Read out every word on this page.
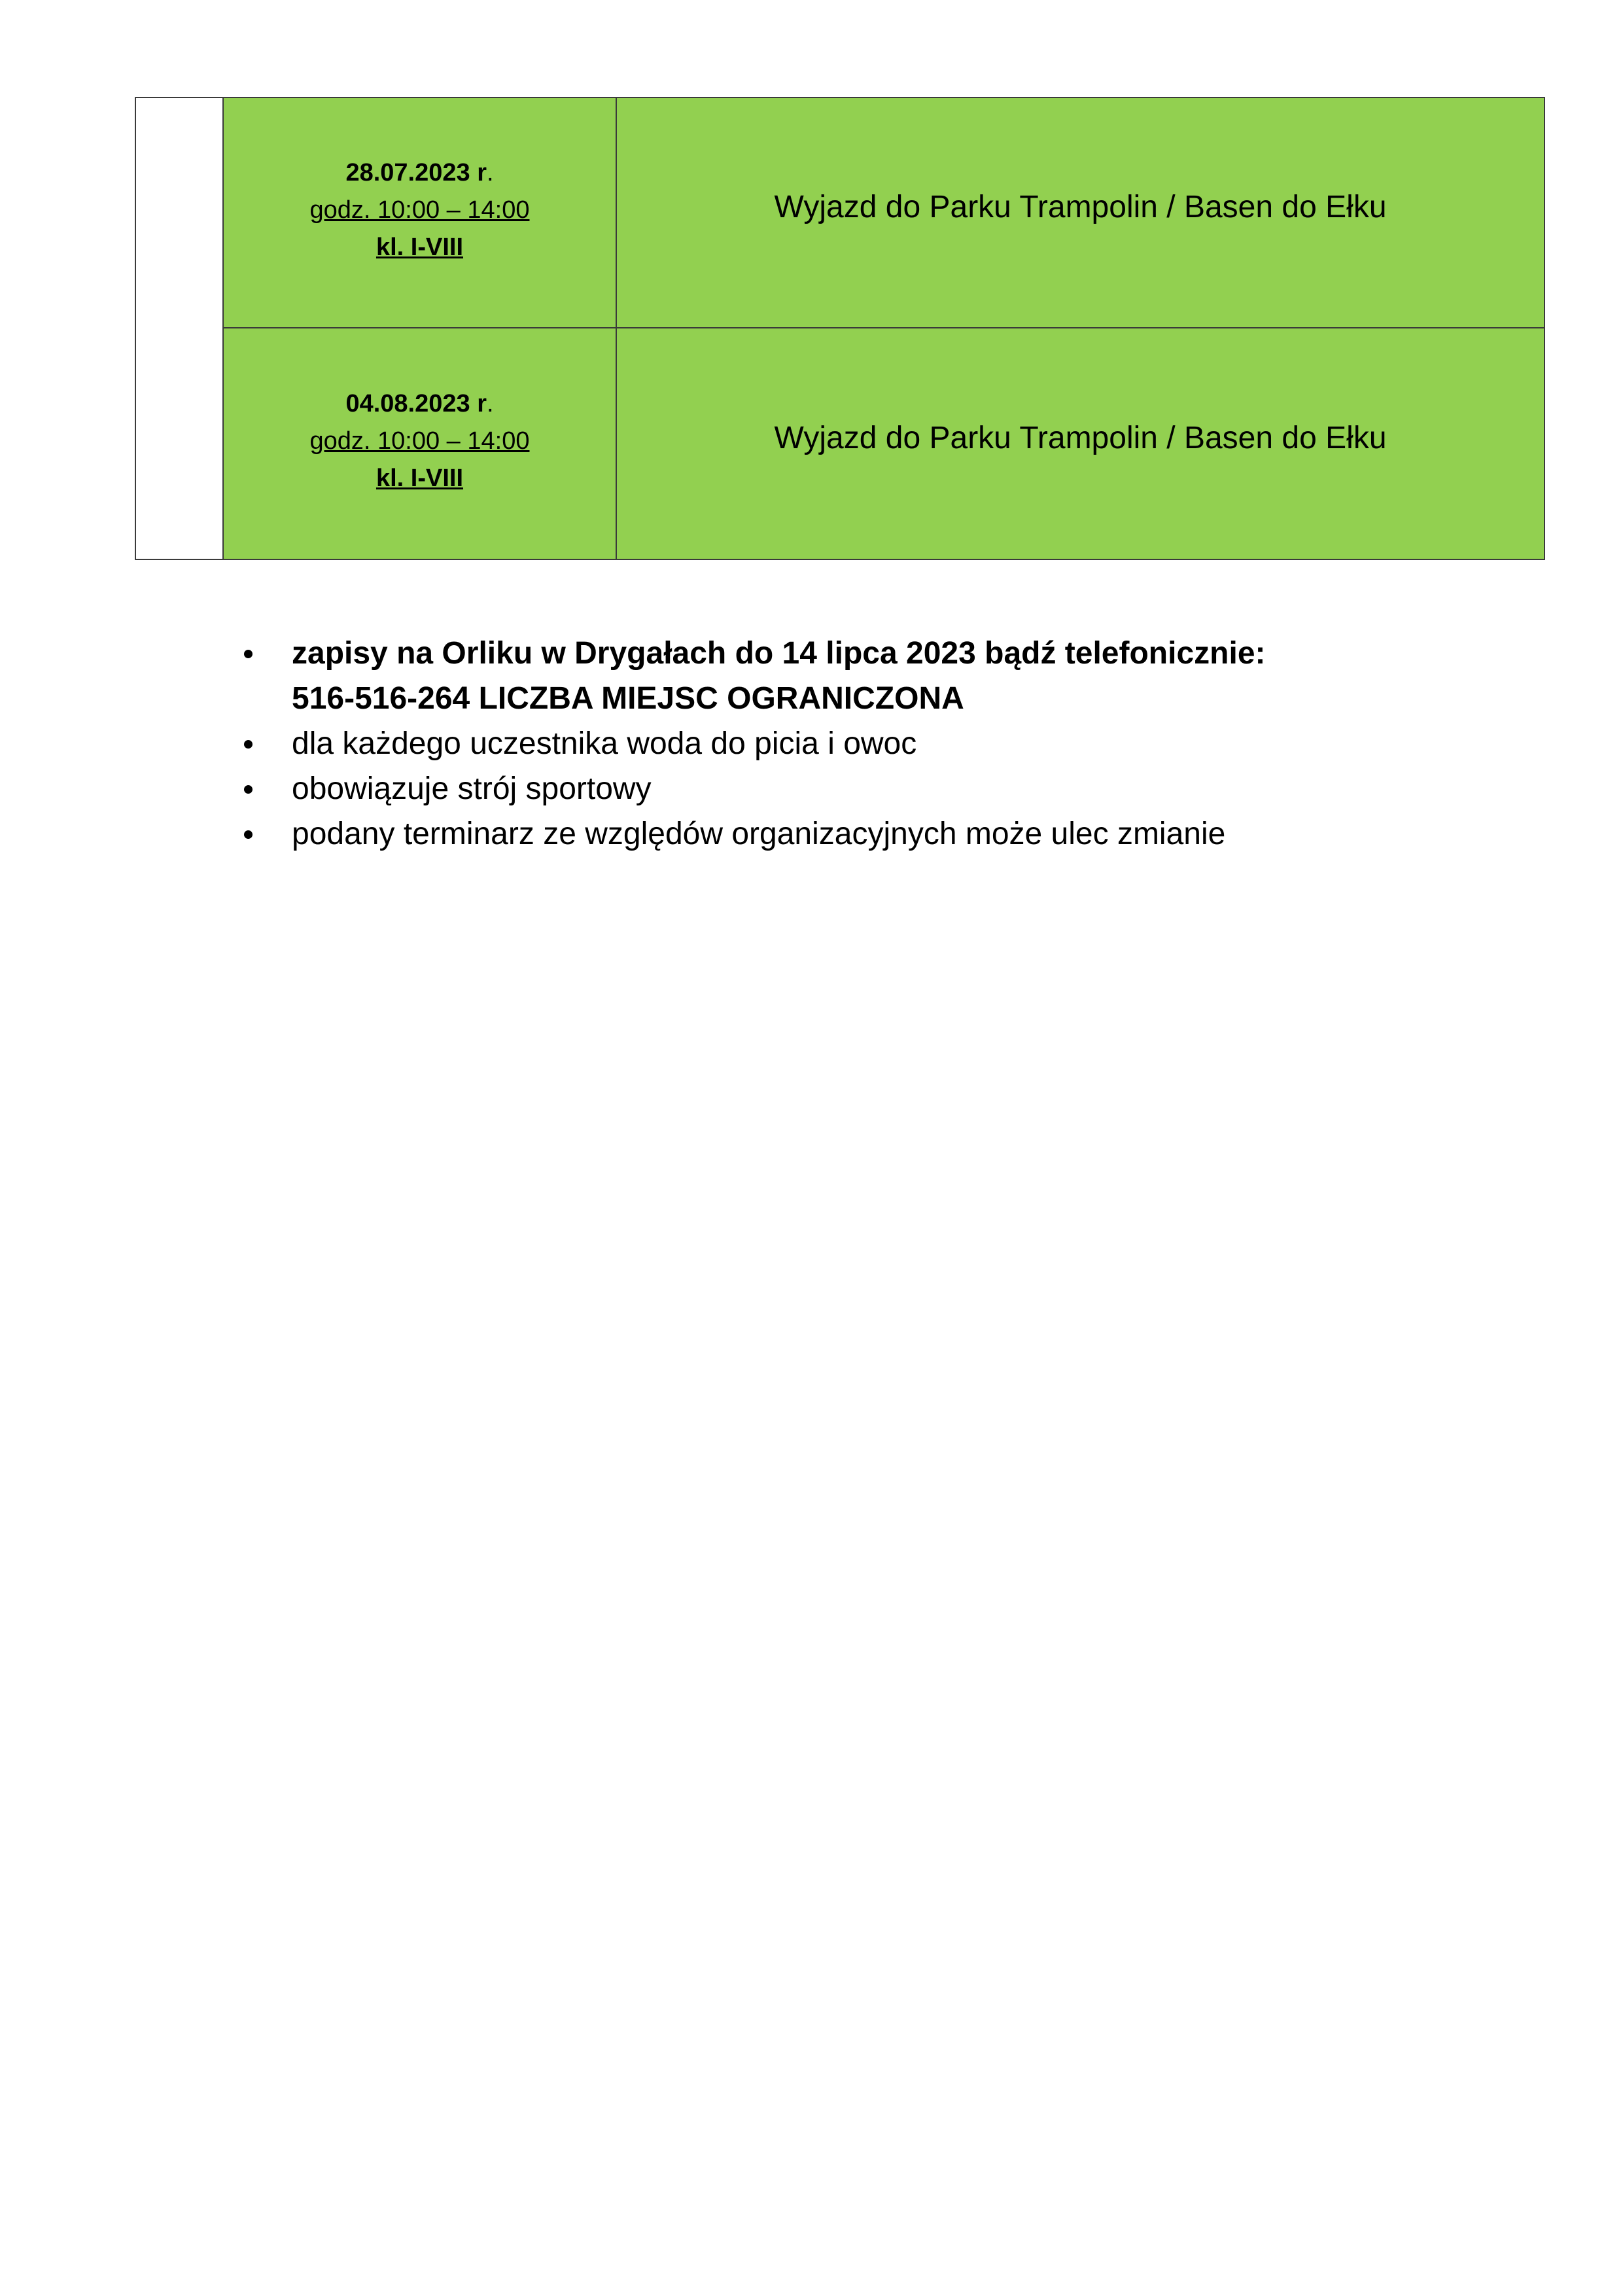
28.07.2023 r.
godz. 10:00 – 14:00
kl. I-VIII
Wyjazd do Parku Trampolin / Basen do Ełku
04.08.2023 r.
godz. 10:00 – 14:00
kl. I-VIII
Wyjazd do Parku Trampolin / Basen do Ełku
zapisy na Orliku w Drygałach do 14 lipca 2023 bądź telefonicznie:
516-516-264 LICZBA MIEJSC OGRANICZONA
dla każdego uczestnika woda do picia i owoc
obowiązuje strój sportowy
podany terminarz ze względów organizacyjnych może ulec zmianie
